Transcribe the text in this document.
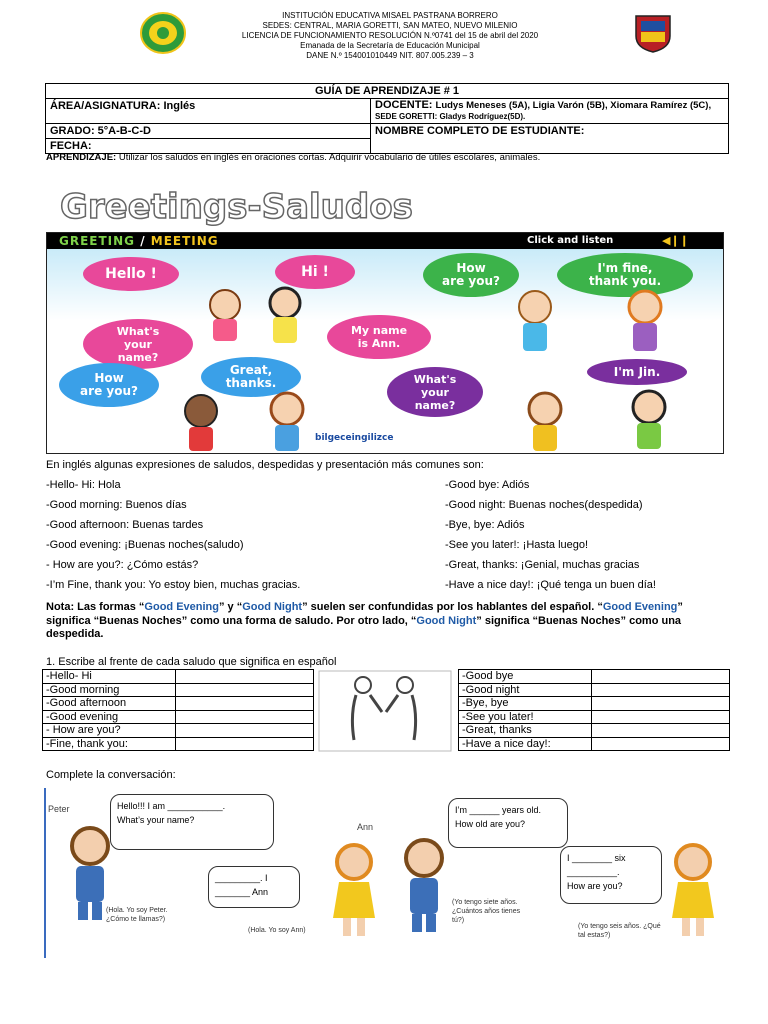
INSTITUCIÓN EDUCATIVA MISAEL PASTRANA BORRERO
SEDES: CENTRAL, MARIA GORETTI, SAN MATEO, NUEVO MILENIO
LICENCIA DE FUNCIONAMIENTO RESOLUCIÓN N.º0741 del 15 de abril del 2020
Emanada de la Secretaría de Educación Municipal
DANE N.º 154001010449 NIT. 807.005.239 – 3
GUÍA DE APRENDIZAJE # 1	
ÁREA/ASIGNATURA: Inglés	DOCENTE: Ludys Meneses (5A), Ligia Varón (5B), Xiomara Ramírez (5C), SEDE GORETTI: Gladys Rodríguez(5D).
GRADO: 5°A-B-C-D	NOMBRE COMPLETO DE ESTUDIANTE:
FECHA:	
APRENDIZAJE: Utilizar los saludos en inglés en oraciones cortas. Adquirir vocabulario de útiles escolares, animales.
Greetings-Saludos
GREETING / MEETING	Click and listen	◀❙❙
Hello !	Hi !	How
are you?
I'm fine,
thank you.
What's
your
name?
My name
is Ann.
How
are you?
Great,
thanks.	What's
your
name?
I'm Jin.
bilgeceingilizce
En inglés algunas expresiones de saludos, despedidas y presentación más comunes son:
-Hello- Hi: Hola
-Good morning: Buenos días
-Good afternoon: Buenas tardes
-Good evening: ¡Buenas noches(saludo)
- How are you?: ¿Cómo estás?
-I’m Fine, thank you: Yo estoy bien, muchas gracias.
-Good bye: Adiós
-Good night: Buenas noches(despedida)
-Bye, bye: Adiós
-See you later!: ¡Hasta luego!
-Great, thanks: ¡Genial, muchas gracias
-Have a nice day!: ¡Qué tenga un buen día!
Nota: Las formas “Good Evening” y “Good Night” suelen ser confundidas por los hablantes del español. “Good Evening” significa “Buenas Noches” como una forma de saludo. Por otro lado, “Good Night” significa “Buenas Noches” como una despedida.
1. Escribe al frente de cada saludo que significa en español
-Hello- Hi	
-Good morning	
-Good afternoon	
-Good evening	
- How are you?	
-Fine, thank you:	
-Good bye	
-Good night	
-Bye, bye	
-See you later!	
-Great, thanks	
-Have a nice day!:	
Complete la conversación:
Peter
Ann
Hello!!! I am ___________.
What’s your name?
_________. I
_______ Ann
I’m ______ years old.
How old are you?
I ________ six
__________.
How are you?
(Hola. Yo soy Peter.
¿Cómo te llamas?)
(Hola. Yo soy Ann)
(Yo tengo siete años.
¿Cuántos años tienes
tú?)
(Yo tengo seis años. ¿Qué
tal estas?)
